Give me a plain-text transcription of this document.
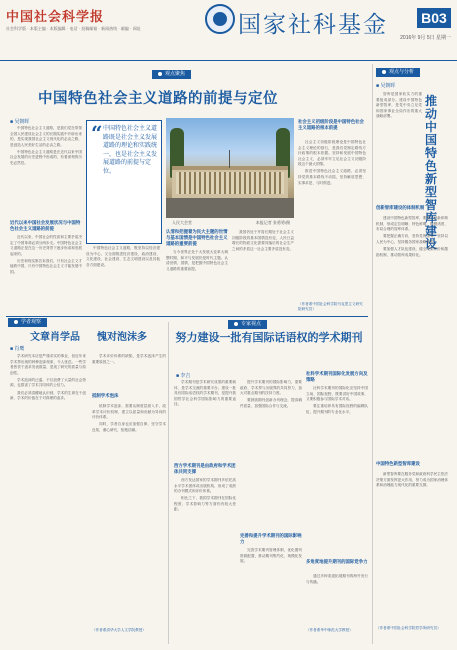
中国社会科学报
社会科学版 · 本版主编 · 本版编辑 · 电话 · 投稿邮箱 · 新闻热线 · 邮编 · 网址	国家社科基金 B03
2016年 9月 5日 星期一
观点聚焦
中国特色社会主义道路的前提与定位
■ 吴朝晖

中国特色社会主义道路，是我们党在带领全国人民建设社会主义的长期实践中开辟出来的，是实现我国社会主义现代化的必由之路，是创造人民美好生活的必由之路。

中国特色社会主义道路是在近代以来中国社会发展的历史进程中形成的，有着深刻的历史必然性。

近代以来中国社会发展状况与中国特色社会主义道路的前提

近代以来，中国社会的性质和主要矛盾决定了中国革命必须分两步走。中国特色社会主义道路正是在这一历史背景下逐步形成和发展起来的。

历史和现实都告诉我们，只有社会主义才能救中国，只有中国特色社会主义才能发展中国。

“ 中国特色社会主义道路既是社会主义发展道路的理论和实践统一，也是社会主义发展道路的前提与定位。

中国特色社会主义道路，既坚持以经济建设为中心，又全面推进经济建设、政治建设、文化建设、社会建设、生态文明建设以及其他各方面建设。

人民大会堂	本报记者 张勇勇/摄
认清和把握着为民大主题的世情与基本国情是中国特色社会主义道路的重要前提

当今世界正处于大发展大变革大调整时期，和平与发展仍是时代主题。认清世情、国情，是把握中国特色社会主义道路的重要前提。

我国仍处于并将长期处于社会主义初级阶段的基本国情没有变，人民日益增长的物质文化需要同落后的社会生产之间的矛盾这一社会主要矛盾没有变。

社会主义初级阶段是中国特色社会主义道路的根本前提

社会主义初级阶段理论是中国特色社会主义理论的基石，是我们党制定路线方针政策的根本依据。坚持和发展中国特色社会主义，必须牢牢立足社会主义初级阶段这个最大国情。

推进中国特色社会主义道路，必须坚持党的基本路线不动摇，坚持解放思想、实事求是、与时俱进。

（作者系中国社会科学院马克思主义研究院研究员）
观点与分析
■ 吴朝晖
推动中国特色新型智库建设

智库是国家软实力的重要组成部分。建设中国特色新型智库，是党中央立足党和国家事业全局作出的重大战略部署。

创新智库建设的体制机制

建设中国特色新型智库，要着力创新体制机制，形成定位明晰、特色鲜明、规模适度、布局合理的智库体系。

要把握正确方向，坚持党的领导，坚持以人民为中心，坚持服务国家战略需求。

要加强人才队伍建设，健全成果评价和激励机制，推动智库成果转化。

中国特色新型智库建设

新型智库要在服务党和政府科学民主依法决策方面发挥更大作用，努力成为国家治理体系和治理能力现代化的重要支撑。

（作者系中国社会科学院哲学所研究员）
学者观察
文章肖学品 愧对泡沫多
■ 肖鹰

学术研究本应是严谨求实的事业，但近年来学术界出现的种种泡沫现象，令人忧虑。一些学者热衷于追求发表数量，忽视了研究的质量与原创性。

学术泡沫的泛滥，不仅浪费了大量的社会资源，也损害了学术共同体的公信力。

我们必须清醒地认识到，学术的生命在于创新，学术的价值在于对真理的追求。	抵制学术泡沫

学术评价体系的缺陷，是学术泡沫产生的重要原因之一。

抵制学术泡沫，需要从制度层面入手，改革学术评价机制，建立以质量和贡献为导向的评价体系。

同时，学者自身也应加强自律，坚守学术良知，潜心研究，拒绝浮躁。

（作者系清华大学人文学院教授）
专家视点
努力建设一批有国际话语权的学术期刊
■ 李吉

学术期刊是学术研究成果的重要载体，是学术交流的重要平台。建设一批具有国际话语权的学术期刊，是提升我国哲学社会科学国际影响力的重要途径。

西方学术期刊是由政府和学术团体共同支撑

西方发达国家的学术期刊多依托高水平学术团体或出版机构，形成了成熟的办刊模式和评价体系。

相比之下，我国学术期刊在国际化程度、学术影响力等方面仍有较大差距。

提升学术期刊的国际影响力，需要政府、学术界与出版界的共同努力，加大对重点期刊的扶持力度。

要鼓励期刊创新办刊理念，提高稿件质量，加强国际合作与交流。

完善和提升学术期刊的国际影响力

完善学术期刊管理体制，优化期刊资源配置，推动期刊集约化、规模化发展。

社科学术期刊国际化发展方向及策略

社科学术期刊的国际化应坚持中国立场、国际视野，既要讲好中国故事，又要积极参与国际学术对话。

要注重培养具有国际视野的编辑队伍，提升期刊的专业化水平。

多角度地提升期刊的国际竞争力

通过多种渠道拓展期刊的海外发行与传播。

（作者系华中师范大学教授）
